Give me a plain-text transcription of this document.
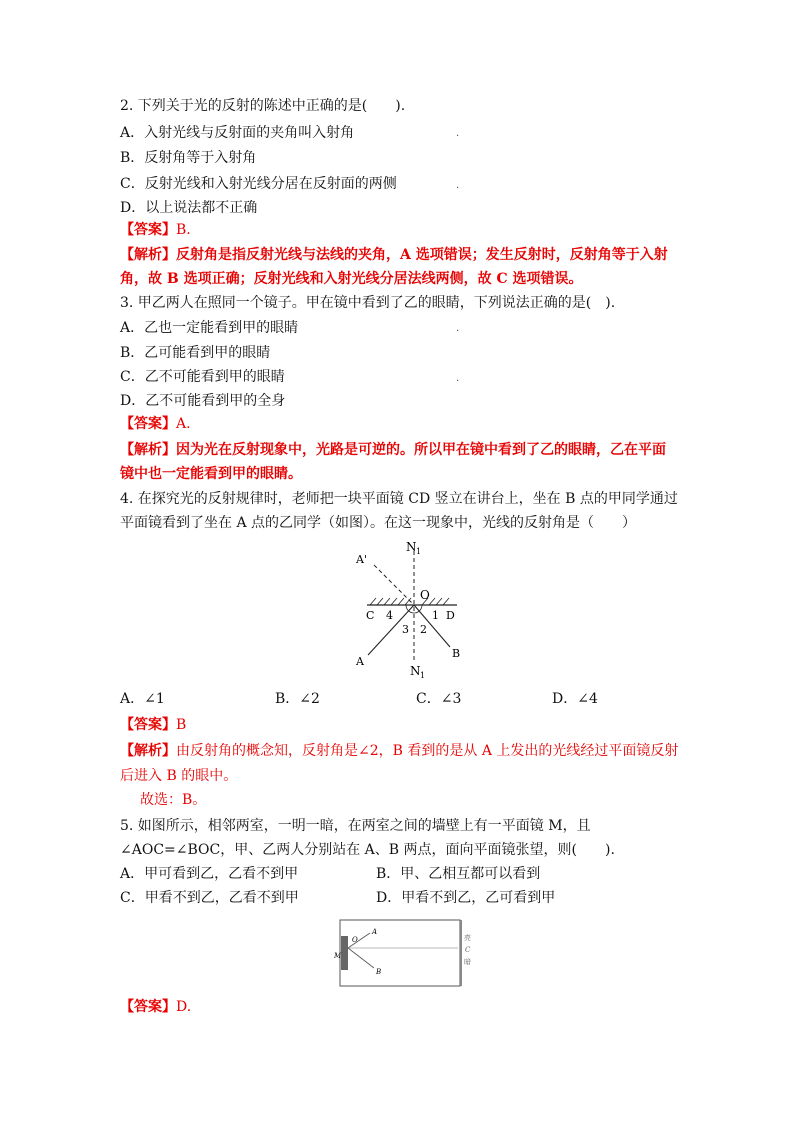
2. 下列关于光的反射的陈述中正确的是(　　).
A．入射光线与反射面的夹角叫入射角	.
B．反射角等于入射角
C．反射光线和入射光线分居在反射面的两侧	.
D．以上说法都不正确
【答案】B.
【解析】反射角是指反射光线与法线的夹角，A 选项错误；发生反射时，反射角等于入射
角，故 B 选项正确；反射光线和入射光线分居法线两侧，故 C 选项错误。
3. 甲乙两人在照同一个镜子。甲在镜中看到了乙的眼睛，下列说法正确的是(　).
A．乙也一定能看到甲的眼睛	.
B．乙可能看到甲的眼睛
C．乙不可能看到甲的眼睛	.
D．乙不可能看到甲的全身
【答案】A.
【解析】因为光在反射现象中，光路是可逆的。所以甲在镜中看到了乙的眼睛，乙在平面
镜中也一定能看到甲的眼睛。
4. 在探究光的反射规律时，老师把一块平面镜 CD 竖立在讲台上，坐在 B 点的甲同学通过
平面镜看到了坐在 A 点的乙同学（如图）。在这一现象中，光线的反射角是（　　）
A'
N 1
O
C 4	1 D
3 2
A
B
N 1
A．∠1	B．∠2	C．∠3	D．∠4
【答案】B
【解析】由反射角的概念知，反射角是∠2，B 看到的是从 A 上发出的光线经过平面镜反射
后进入 B 的眼中。
故选：B。
5. 如图所示，相邻两室，一明一暗，在两室之间的墙壁上有一平面镜 M，且
∠AOC=∠BOC，甲、乙两人分别站在 A、B 两点，面向平面镜张望，则(　　).
A．甲可看到乙，乙看不到甲	B．甲、乙相互都可以看到
C．甲看不到乙，乙看不到甲	D．甲看不到乙，乙可看到甲
M
O
A
B
亮
C
暗
【答案】D.
